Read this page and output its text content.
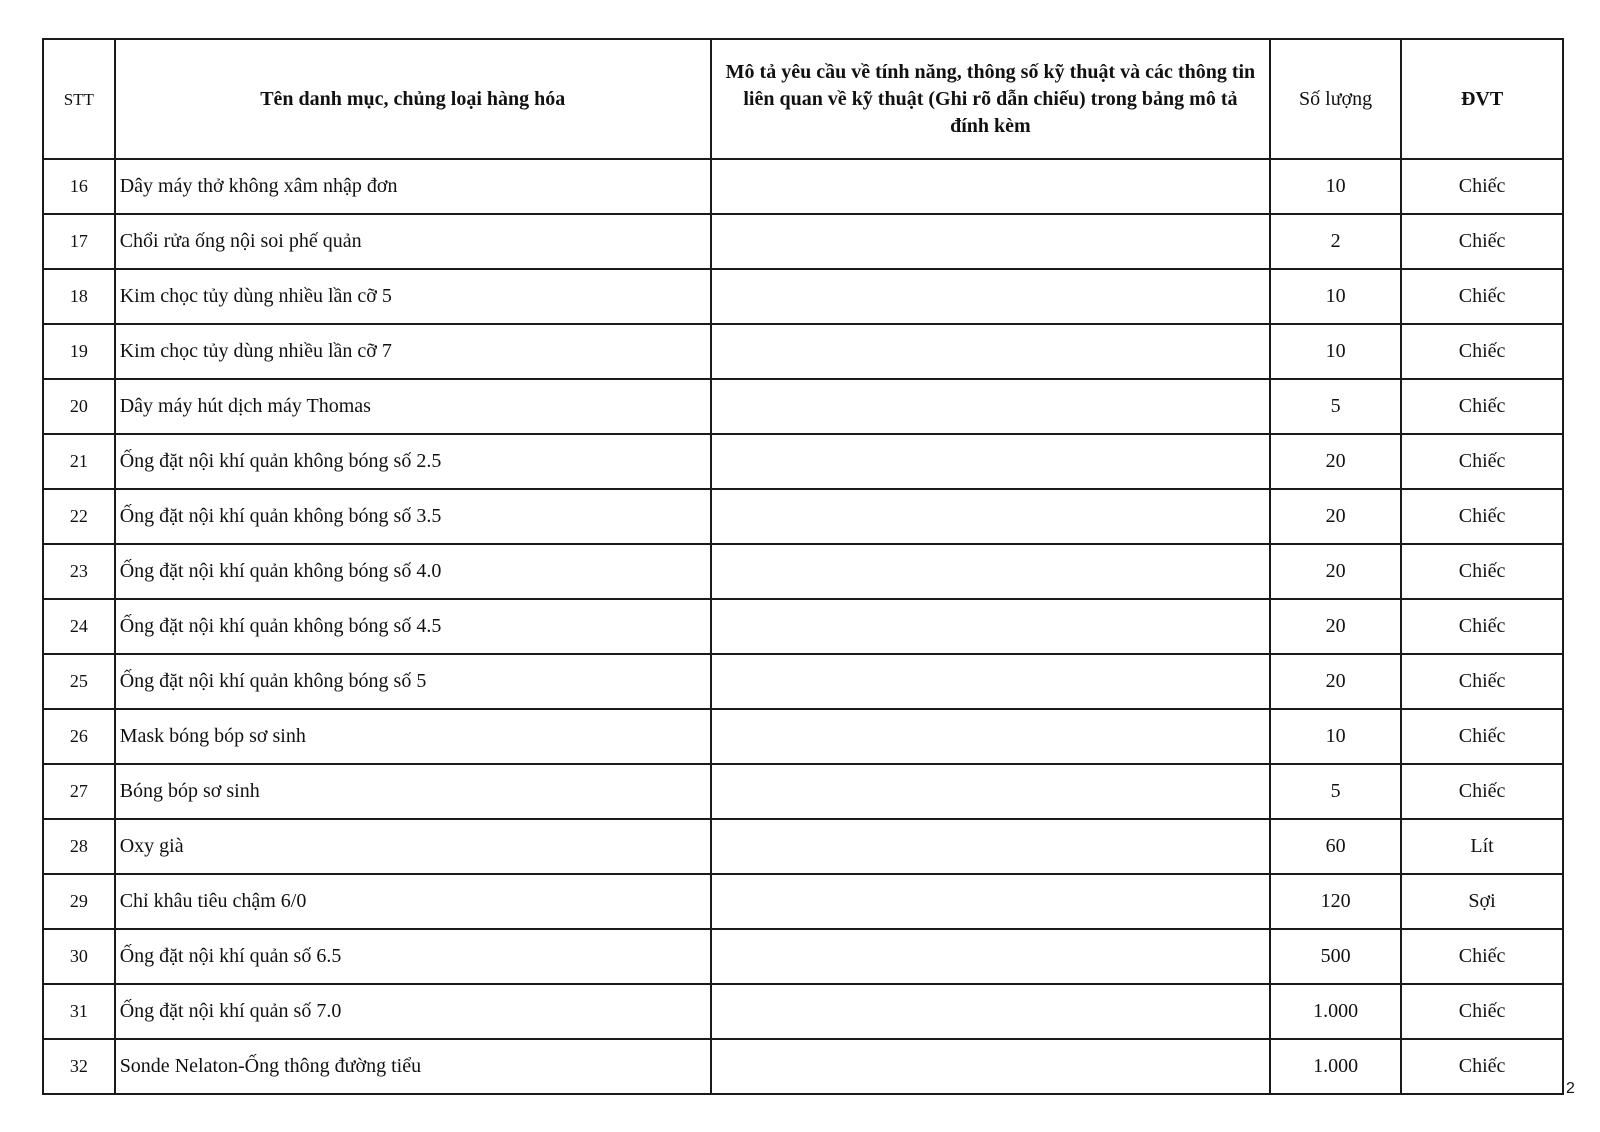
STT	Tên danh mục, chủng loại hàng hóa	Mô tả yêu cầu về tính năng, thông số kỹ thuật và các thông tin liên quan về kỹ thuật (Ghi rõ dẫn chiếu) trong bảng mô tả đính kèm	Số lượng	ĐVT
16	Dây máy thở không xâm nhập đơn		10	Chiếc
17	Chổi rửa ống nội soi phế quản		2	Chiếc
18	Kim chọc tủy dùng nhiều lần cỡ 5		10	Chiếc
19	Kim chọc tủy dùng nhiều lần cỡ 7		10	Chiếc
20	Dây máy hút dịch máy Thomas		5	Chiếc
21	Ống đặt nội khí quản không bóng số 2.5		20	Chiếc
22	Ống đặt nội khí quản không bóng số 3.5		20	Chiếc
23	Ống đặt nội khí quản không bóng số 4.0		20	Chiếc
24	Ống đặt nội khí quản không bóng số 4.5		20	Chiếc
25	Ống đặt nội khí quản không bóng số 5		20	Chiếc
26	Mask bóng bóp sơ sinh		10	Chiếc
27	Bóng bóp sơ sinh		5	Chiếc
28	Oxy già		60	Lít
29	Chỉ khâu tiêu chậm 6/0		120	Sợi
30	Ống đặt nội khí quản số 6.5		500	Chiếc
31	Ống đặt nội khí quản số 7.0		1.000	Chiếc
32	Sonde Nelaton-Ống thông đường tiểu		1.000	Chiếc
2
